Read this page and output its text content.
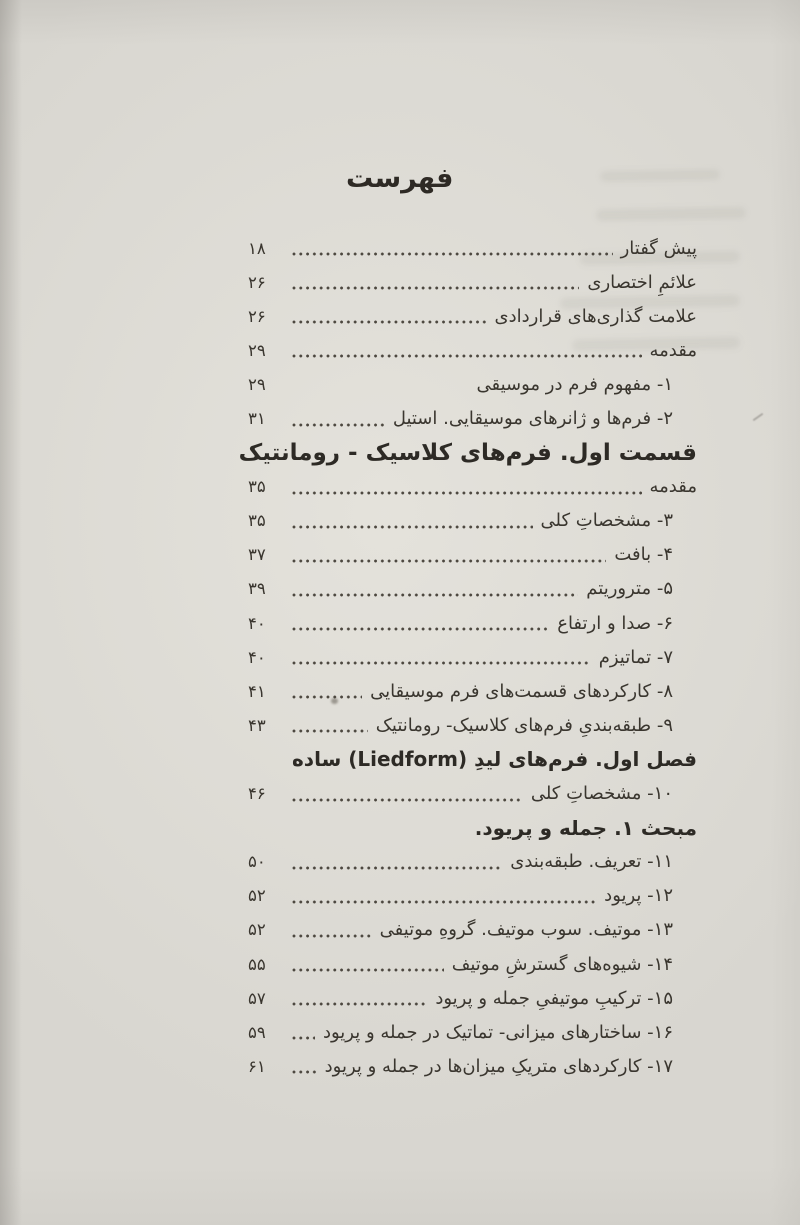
فهرست
پیش گفتار
۱۸
علائمِ اختصاری
۲۶
علامت گذاری‌های قراردادی
۲۶
مقدمه
۲۹
۱- مفهوم فرم در موسیقی
۲۹
۲- فرم‌ها و ژانرهای موسیقایی. استیل
۳۱
قسمت اول. فرم‌های کلاسیک - رومانتیک
مقدمه
۳۵
۳- مشخصاتِ کلی
۳۵
۴- بافت
۳۷
۵- متروریتم
۳۹
۶- صدا و ارتفاع
۴۰
۷- تماتیزم
۴۰
۸- کارکردهای قسمت‌های فرم موسیقایی
۴۱
۹- طبقه‌بندیِ فرم‌های کلاسیک- رومانتیک
۴۳
فصل اول. فرم‌های لیدِ (Liedform) ساده
۱۰- مشخصاتِ کلی
۴۶
مبحث ۱. جمله و پریود.
۱۱- تعریف. طبقه‌بندی
۵۰
۱۲- پریود
۵۲
۱۳- موتیف. سوب موتیف. گروهِ موتیفی
۵۲
۱۴- شیوه‌های گسترشِ موتیف
۵۵
۱۵- ترکیبِ موتیفیِ جمله و پریود
۵۷
۱۶- ساختارهای میزانی- تماتیک در جمله و پریود
۵۹
۱۷- کارکردهای متریکِ میزان‌ها در جمله و پریود
۶۱
